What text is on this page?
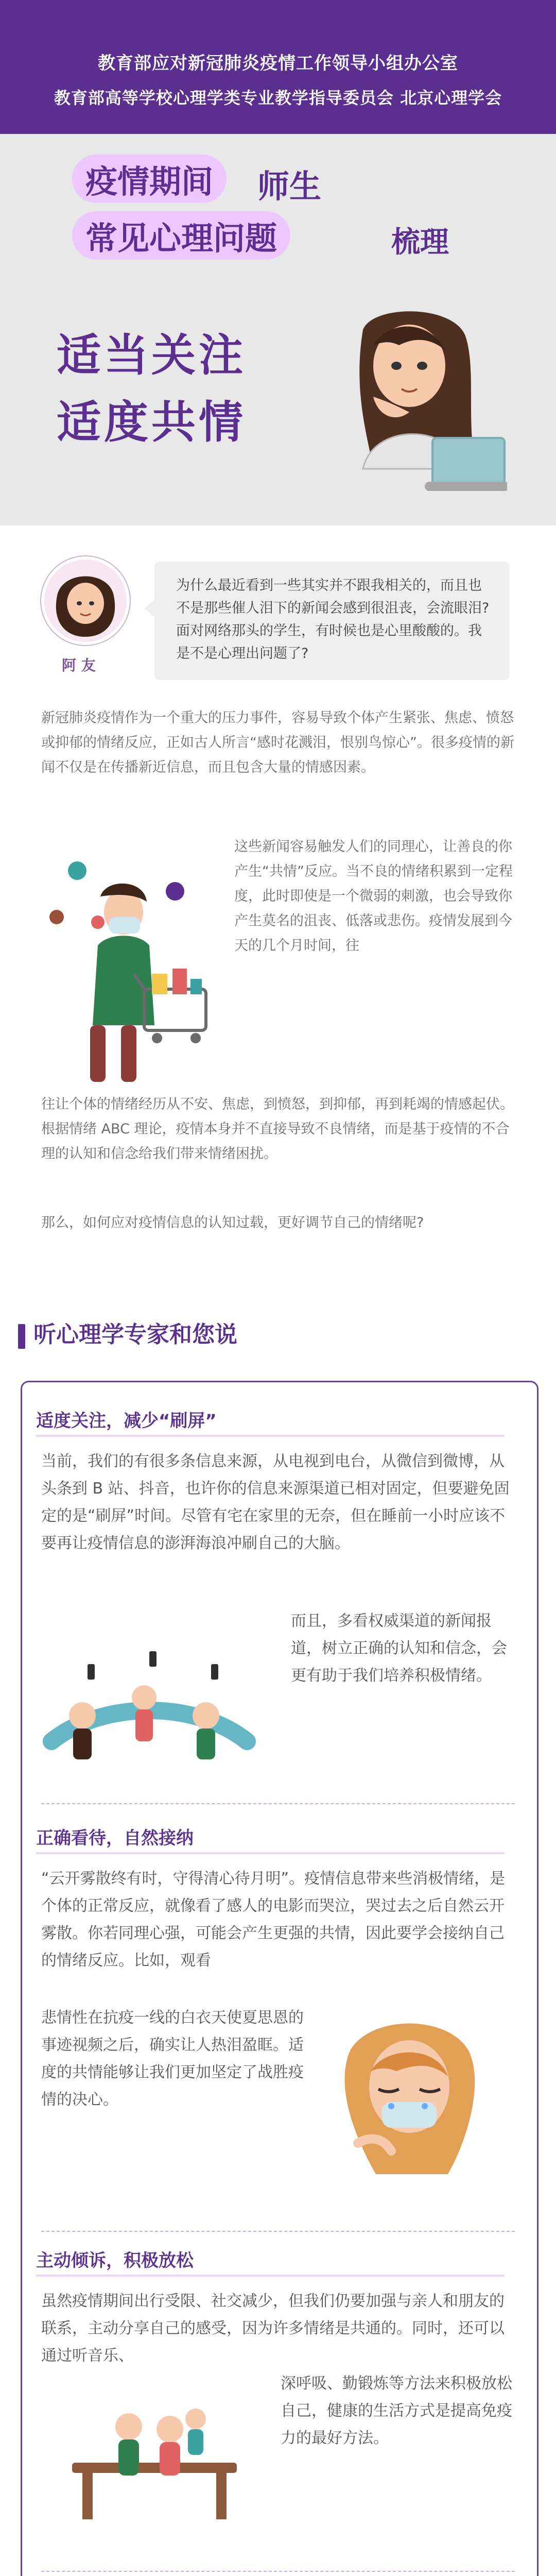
教育部应对新冠肺炎疫情工作领导小组办公室
教育部高等学校心理学类专业教学指导委员会 北京心理学会
疫情期间 师生
常见心理问题	梳理
适当关注
适度共情
阿 友

为什么最近看到一些其实并不跟我相关的，而且也不是那些催人泪下的新闻会感到很沮丧，会流眼泪?面对网络那头的学生，有时候也是心里酸酸的。我是不是心理出问题了?

新冠肺炎疫情作为一个重大的压力事件，容易导致个体产生紧张、焦虑、愤怒或抑郁的情绪反应，正如古人所言“感时花溅泪，恨别鸟惊心”。很多疫情的新闻不仅是在传播新近信息，而且包含大量的情感因素。
这些新闻容易触发人们的同理心，让善良的你产生“共情”反应。当不良的情绪积累到一定程度，此时即使是一个微弱的刺激，也会导致你产生莫名的沮丧、低落或悲伤。疫情发展到今天的几个月时间，往
往让个体的情绪经历从不安、焦虑，到愤怒，到抑郁，再到耗竭的情感起伏。根据情绪 ABC 理论，疫情本身并不直接导致不良情绪，而是基于疫情的不合理的认知和信念给我们带来情绪困扰。
那么，如何应对疫情信息的认知过载，更好调节自己的情绪呢?
听心理学专家和您说
适度关注，减少“刷屏”
当前，我们的有很多条信息来源，从电视到电台，从微信到微博，从头条到 B 站、抖音，也许你的信息来源渠道已相对固定，但要避免固定的是“刷屏”时间。尽管有宅在家里的无奈，但在睡前一小时应该不要再让疫情信息的澎湃海浪冲刷自己的大脑。
而且，多看权威渠道的新闻报道，树立正确的认知和信念，会更有助于我们培养积极情绪。
正确看待，自然接纳
“云开雾散终有时，守得清心待月明”。疫情信息带来些消极情绪，是个体的正常反应，就像看了感人的电影而哭泣，哭过去之后自然云开雾散。你若同理心强，可能会产生更强的共情，因此要学会接纳自己的情绪反应。比如，观看
悲情性在抗疫一线的白衣天使夏思恩的事迹视频之后，确实让人热泪盈眶。适度的共情能够让我们更加坚定了战胜疫情的决心。
主动倾诉，积极放松
虽然疫情期间出行受限、社交减少，但我们仍要加强与亲人和朋友的联系，主动分享自己的感受，因为许多情绪是共通的。同时，还可以通过听音乐、
深呼吸、勤锻炼等方法来积极放松自己，健康的生活方式是提高免疫力的最好方法。
